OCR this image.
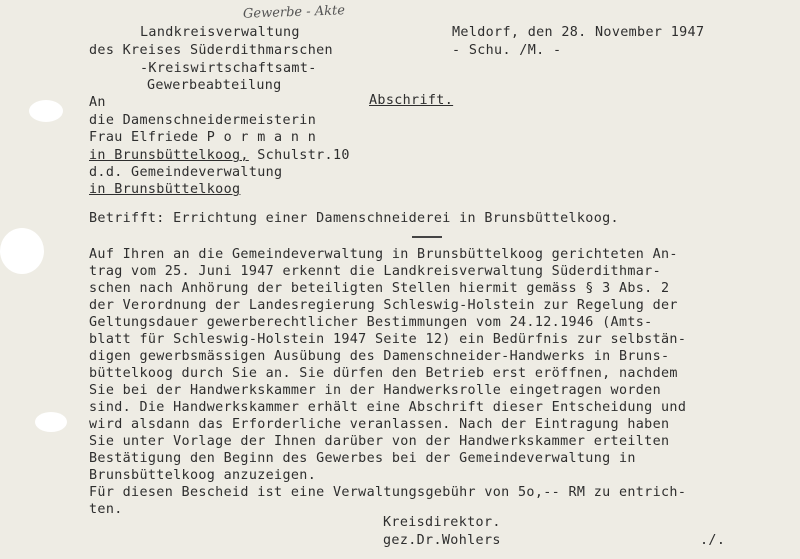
Gewerbe - Akte
Landkreisverwaltung
des Kreises Süderdithmarschen
-Kreiswirtschaftsamt-
Gewerbeabteilung
Meldorf, den 28. November 1947
- Schu. /M. -
An	Abschrift.
die Damenschneidermeisterin
Frau Elfriede P o r m a n n
in Brunsbüttelkoog, Schulstr.10
d.d. Gemeindeverwaltung
in Brunsbüttelkoog
Betrifft: Errichtung einer Damenschneiderei in Brunsbüttelkoog.
Auf Ihren an die Gemeindeverwaltung in Brunsbüttelkoog gerichteten An-
trag vom 25. Juni 1947 erkennt die Landkreisverwaltung Süderdithmar-
schen nach Anhörung der beteiligten Stellen hiermit gemäss § 3 Abs. 2
der Verordnung der Landesregierung Schleswig-Holstein zur Regelung der
Geltungsdauer gewerberechtlicher Bestimmungen vom 24.12.1946 (Amts-
blatt für Schleswig-Holstein 1947 Seite 12) ein Bedürfnis zur selbstän-
digen gewerbsmässigen Ausübung des Damenschneider-Handwerks in Bruns-
büttelkoog durch Sie an. Sie dürfen den Betrieb erst eröffnen, nachdem
Sie bei der Handwerkskammer in der Handwerksrolle eingetragen worden
sind. Die Handwerkskammer erhält eine Abschrift dieser Entscheidung und
wird alsdann das Erforderliche veranlassen. Nach der Eintragung haben
Sie unter Vorlage der Ihnen darüber von der Handwerkskammer erteilten
Bestätigung den Beginn des Gewerbes bei der Gemeindeverwaltung in
Brunsbüttelkoog anzuzeigen.
Für diesen Bescheid ist eine Verwaltungsgebühr von 5o,-- RM zu entrich-
ten.
Kreisdirektor.
gez.Dr.Wohlers	./.
